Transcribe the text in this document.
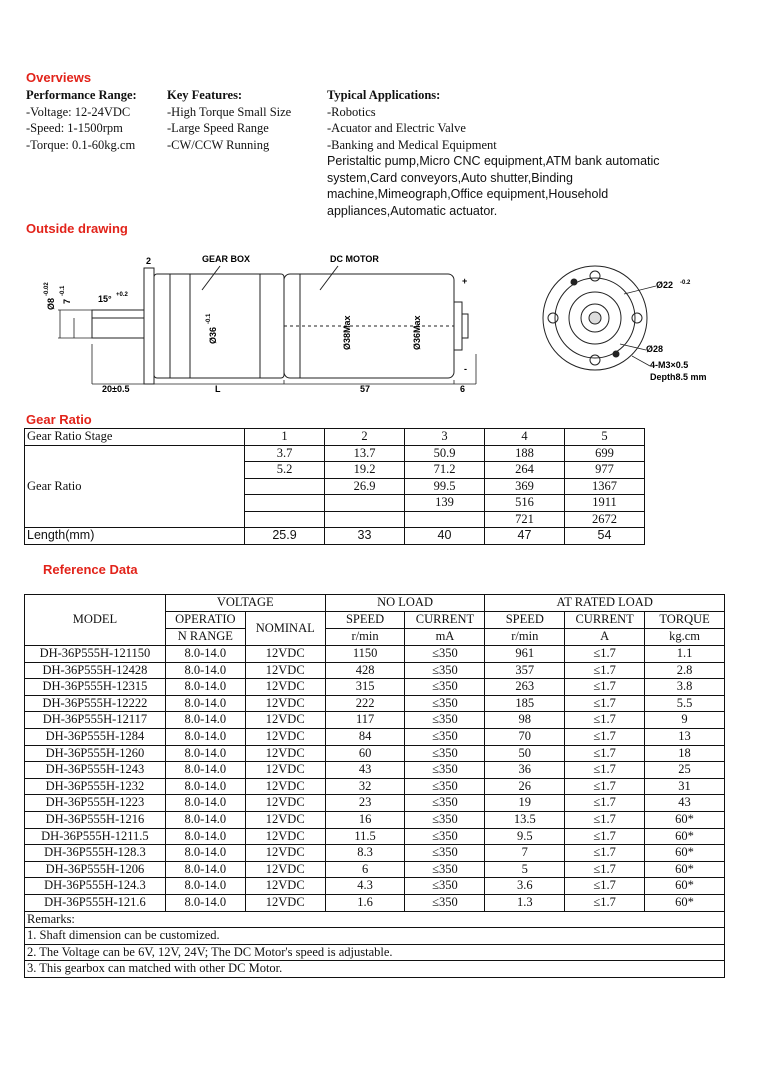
Overviews
Performance Range:
-Voltage: 12-24VDC
-Speed: 1-1500rpm
-Torque: 0.1-60kg.cm
Key Features:
-High Torque Small Size
-Large Speed Range
-CW/CCW Running
Typical Applications:
-Robotics
-Acuator and Electric Valve
-Banking and Medical Equipment
Peristaltic pump,Micro CNC equipment,ATM bank automatic
system,Card conveyors,Auto shutter,Binding
machine,Mimeograph,Office equipment,Household
appliances,Automatic actuator.
Outside drawing
+
-
GEAR BOX	DC MOTOR
2
Ø36
-0.1	Ø38Max	Ø36Max
Ø8
-0.02
7
-0.1
15° +0.2
20±0.5	L	57	6
Ø22 -0.2
Ø28
4-M3×0.5
Depth8.5 mm
Gear Ratio
Gear Ratio Stage	1	2	3	4	5
Gear Ratio	3.7	13.7	50.9	188	699
	5.2	19.2	71.2	264	977
		26.9	99.5	369	1367
			139	516	1911
				721	2672
Length(mm)	25.9	33	40	47	54
Reference Data
MODEL	VOLTAGE		NO LOAD		AT RATED LOAD		
	OPERATIO	NOMINAL	SPEED	CURRENT	SPEED	CURRENT	TORQUE
	N RANGE		r/min	mA	r/min	A	kg.cm
DH-36P555H-121150	8.0-14.0	12VDC	1150	≤350	961	≤1.7	1.1
DH-36P555H-12428	8.0-14.0	12VDC	428	≤350	357	≤1.7	2.8
DH-36P555H-12315	8.0-14.0	12VDC	315	≤350	263	≤1.7	3.8
DH-36P555H-12222	8.0-14.0	12VDC	222	≤350	185	≤1.7	5.5
DH-36P555H-12117	8.0-14.0	12VDC	117	≤350	98	≤1.7	9
DH-36P555H-1284	8.0-14.0	12VDC	84	≤350	70	≤1.7	13
DH-36P555H-1260	8.0-14.0	12VDC	60	≤350	50	≤1.7	18
DH-36P555H-1243	8.0-14.0	12VDC	43	≤350	36	≤1.7	25
DH-36P555H-1232	8.0-14.0	12VDC	32	≤350	26	≤1.7	31
DH-36P555H-1223	8.0-14.0	12VDC	23	≤350	19	≤1.7	43
DH-36P555H-1216	8.0-14.0	12VDC	16	≤350	13.5	≤1.7	60*
DH-36P555H-1211.5	8.0-14.0	12VDC	11.5	≤350	9.5	≤1.7	60*
DH-36P555H-128.3	8.0-14.0	12VDC	8.3	≤350	7	≤1.7	60*
DH-36P555H-1206	8.0-14.0	12VDC	6	≤350	5	≤1.7	60*
DH-36P555H-124.3	8.0-14.0	12VDC	4.3	≤350	3.6	≤1.7	60*
DH-36P555H-121.6	8.0-14.0	12VDC	1.6	≤350	1.3	≤1.7	60*
Remarks:							
1. Shaft dimension can be customized.							
2. The Voltage can be 6V, 12V, 24V; The DC Motor's speed is adjustable.							
3. This gearbox can matched with other DC Motor.							
